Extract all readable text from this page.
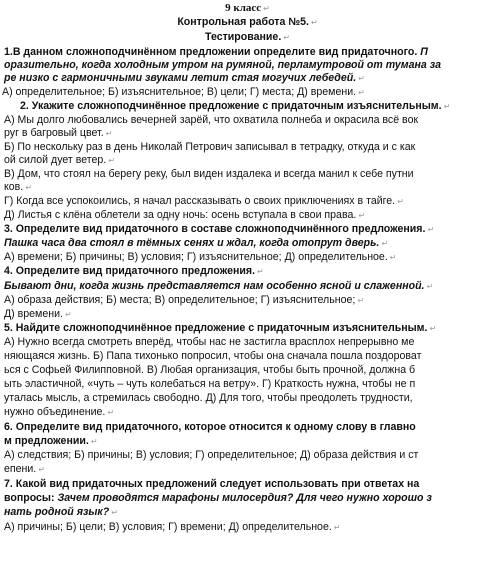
9 класс ↵
Контрольная работа №5. ↵
Тестирование. ↵
1.В данном сложноподчинённом предложении определите вид придаточного. П
оразительно, когда холодным утром на румяной, перламутровой от тумана за
ре низко с гармоничными звуками летит стая могучих лебедей. ↵
А) определительное; Б) изъяснительное; В) цели; Г) места; Д) времени. ↵
2. Укажите сложноподчинённое предложение с придаточным изъяснительным. ↵
А) Мы долго любовались вечерней зарёй, что охватила полнеба и окрасила всё вок
руг в багровый цвет. ↵
Б) По нескольку раз в день Николай Петрович записывал в тетрадку, откуда и с как
ой силой дует ветер. ↵
В) Дом, что стоял на берегу реку, был виден издалека и всегда манил к себе путни
ков. ↵
Г) Когда все успокоились, я начал рассказывать о своих приключениях в тайге. ↵
Д) Листья с клёна облетели за одну ночь: осень вступала в свои права. ↵
3. Определите вид придаточного в составе сложноподчинённого предложения. ↵
Пашка часа два стоял в тёмных сенях и ждал, когда отопрут дверь. ↵
А) времени; Б) причины; В) условия; Г) изъяснительное; Д) определительное. ↵
4. Определите вид придаточного предложения. ↵
Бывают дни, когда жизнь представляется нам особенно ясной и слаженной. ↵
А) образа действия; Б) места; В) определительное; Г) изъяснительное; ↵
Д) времени. ↵
5. Найдите сложноподчинённое предложение с придаточным изъяснительным. ↵
А) Нужно всегда смотреть вперёд, чтобы нас не застигла врасплох непрерывно ме
няющаяся жизнь. Б) Папа тихонько попросил, чтобы она сначала пошла поздороват
ься с Софьей Филипповной. В) Любая организация, чтобы быть прочной, должна б
ыть эластичной, «чуть – чуть колебаться на ветру». Г) Краткость нужна, чтобы не п
уталась мысль, а стремилась свободно. Д) Для того, чтобы преодолеть трудности,
нужно объединение. ↵
6. Определите вид придаточного, которое относится к одному слову в главно
м предложении. ↵
А) следствия; Б) причины; В) условия; Г) определительное; Д) образа действия и ст
епени. ↵
7. Какой вид придаточных предложений следует использовать при ответах на
вопросы: Зачем проводятся марафоны милосердия? Для чего нужно хорошо з
нать родной язык? ↵
А) причины; Б) цели; В) условия; Г) времени; Д) определительное. ↵
